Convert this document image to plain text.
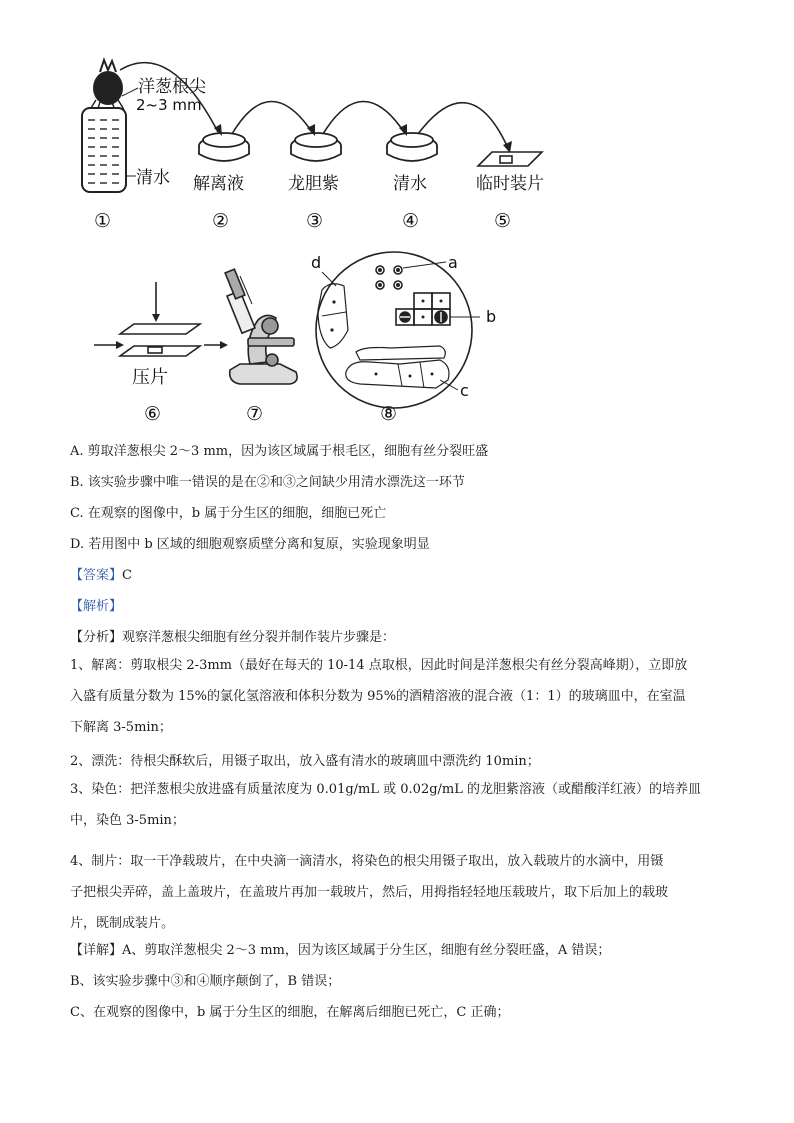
洋葱根尖
2~3 mm
清水 解离液	龙胆紫	清水	临时装片
①	②	③	④	⑤
压片
a
b
c
d
⑥	⑦	⑧
A. 剪取洋葱根尖 2～3 mm，因为该区域属于根毛区，细胞有丝分裂旺盛
B. 该实验步骤中唯一错误的是在②和③之间缺少用清水漂洗这一环节
C. 在观察的图像中，b 属于分生区的细胞，细胞已死亡
D. 若用图中 b 区域的细胞观察质壁分离和复原，实验现象明显
【答案】C
【解析】
【分析】观察洋葱根尖细胞有丝分裂并制作装片步骤是：
1、解离：剪取根尖 2-3mm（最好在每天的 10-14 点取根，因此时间是洋葱根尖有丝分裂高峰期），立即放
入盛有质量分数为 15%的氯化氢溶液和体积分数为 95%的酒精溶液的混合液（1：1）的玻璃皿中，在室温
下解离 3-5min；
2、漂洗：待根尖酥软后，用镊子取出，放入盛有清水的玻璃皿中漂洗约 10min；
3、染色：把洋葱根尖放进盛有质量浓度为 0.01g/mL 或 0.02g/mL 的龙胆紫溶液（或醋酸洋红液）的培养皿
中，染色 3-5min；
4、制片：取一干净载玻片，在中央滴一滴清水，将染色的根尖用镊子取出，放入载玻片的水滴中，用镊
子把根尖弄碎，盖上盖玻片，在盖玻片再加一载玻片，然后，用拇指轻轻地压载玻片，取下后加上的载玻
片，既制成装片。
【详解】A、剪取洋葱根尖 2～3 mm，因为该区域属于分生区，细胞有丝分裂旺盛，A 错误；
B、该实验步骤中③和④顺序颠倒了，B 错误；
C、在观察的图像中，b 属于分生区的细胞，在解离后细胞已死亡，C 正确；
